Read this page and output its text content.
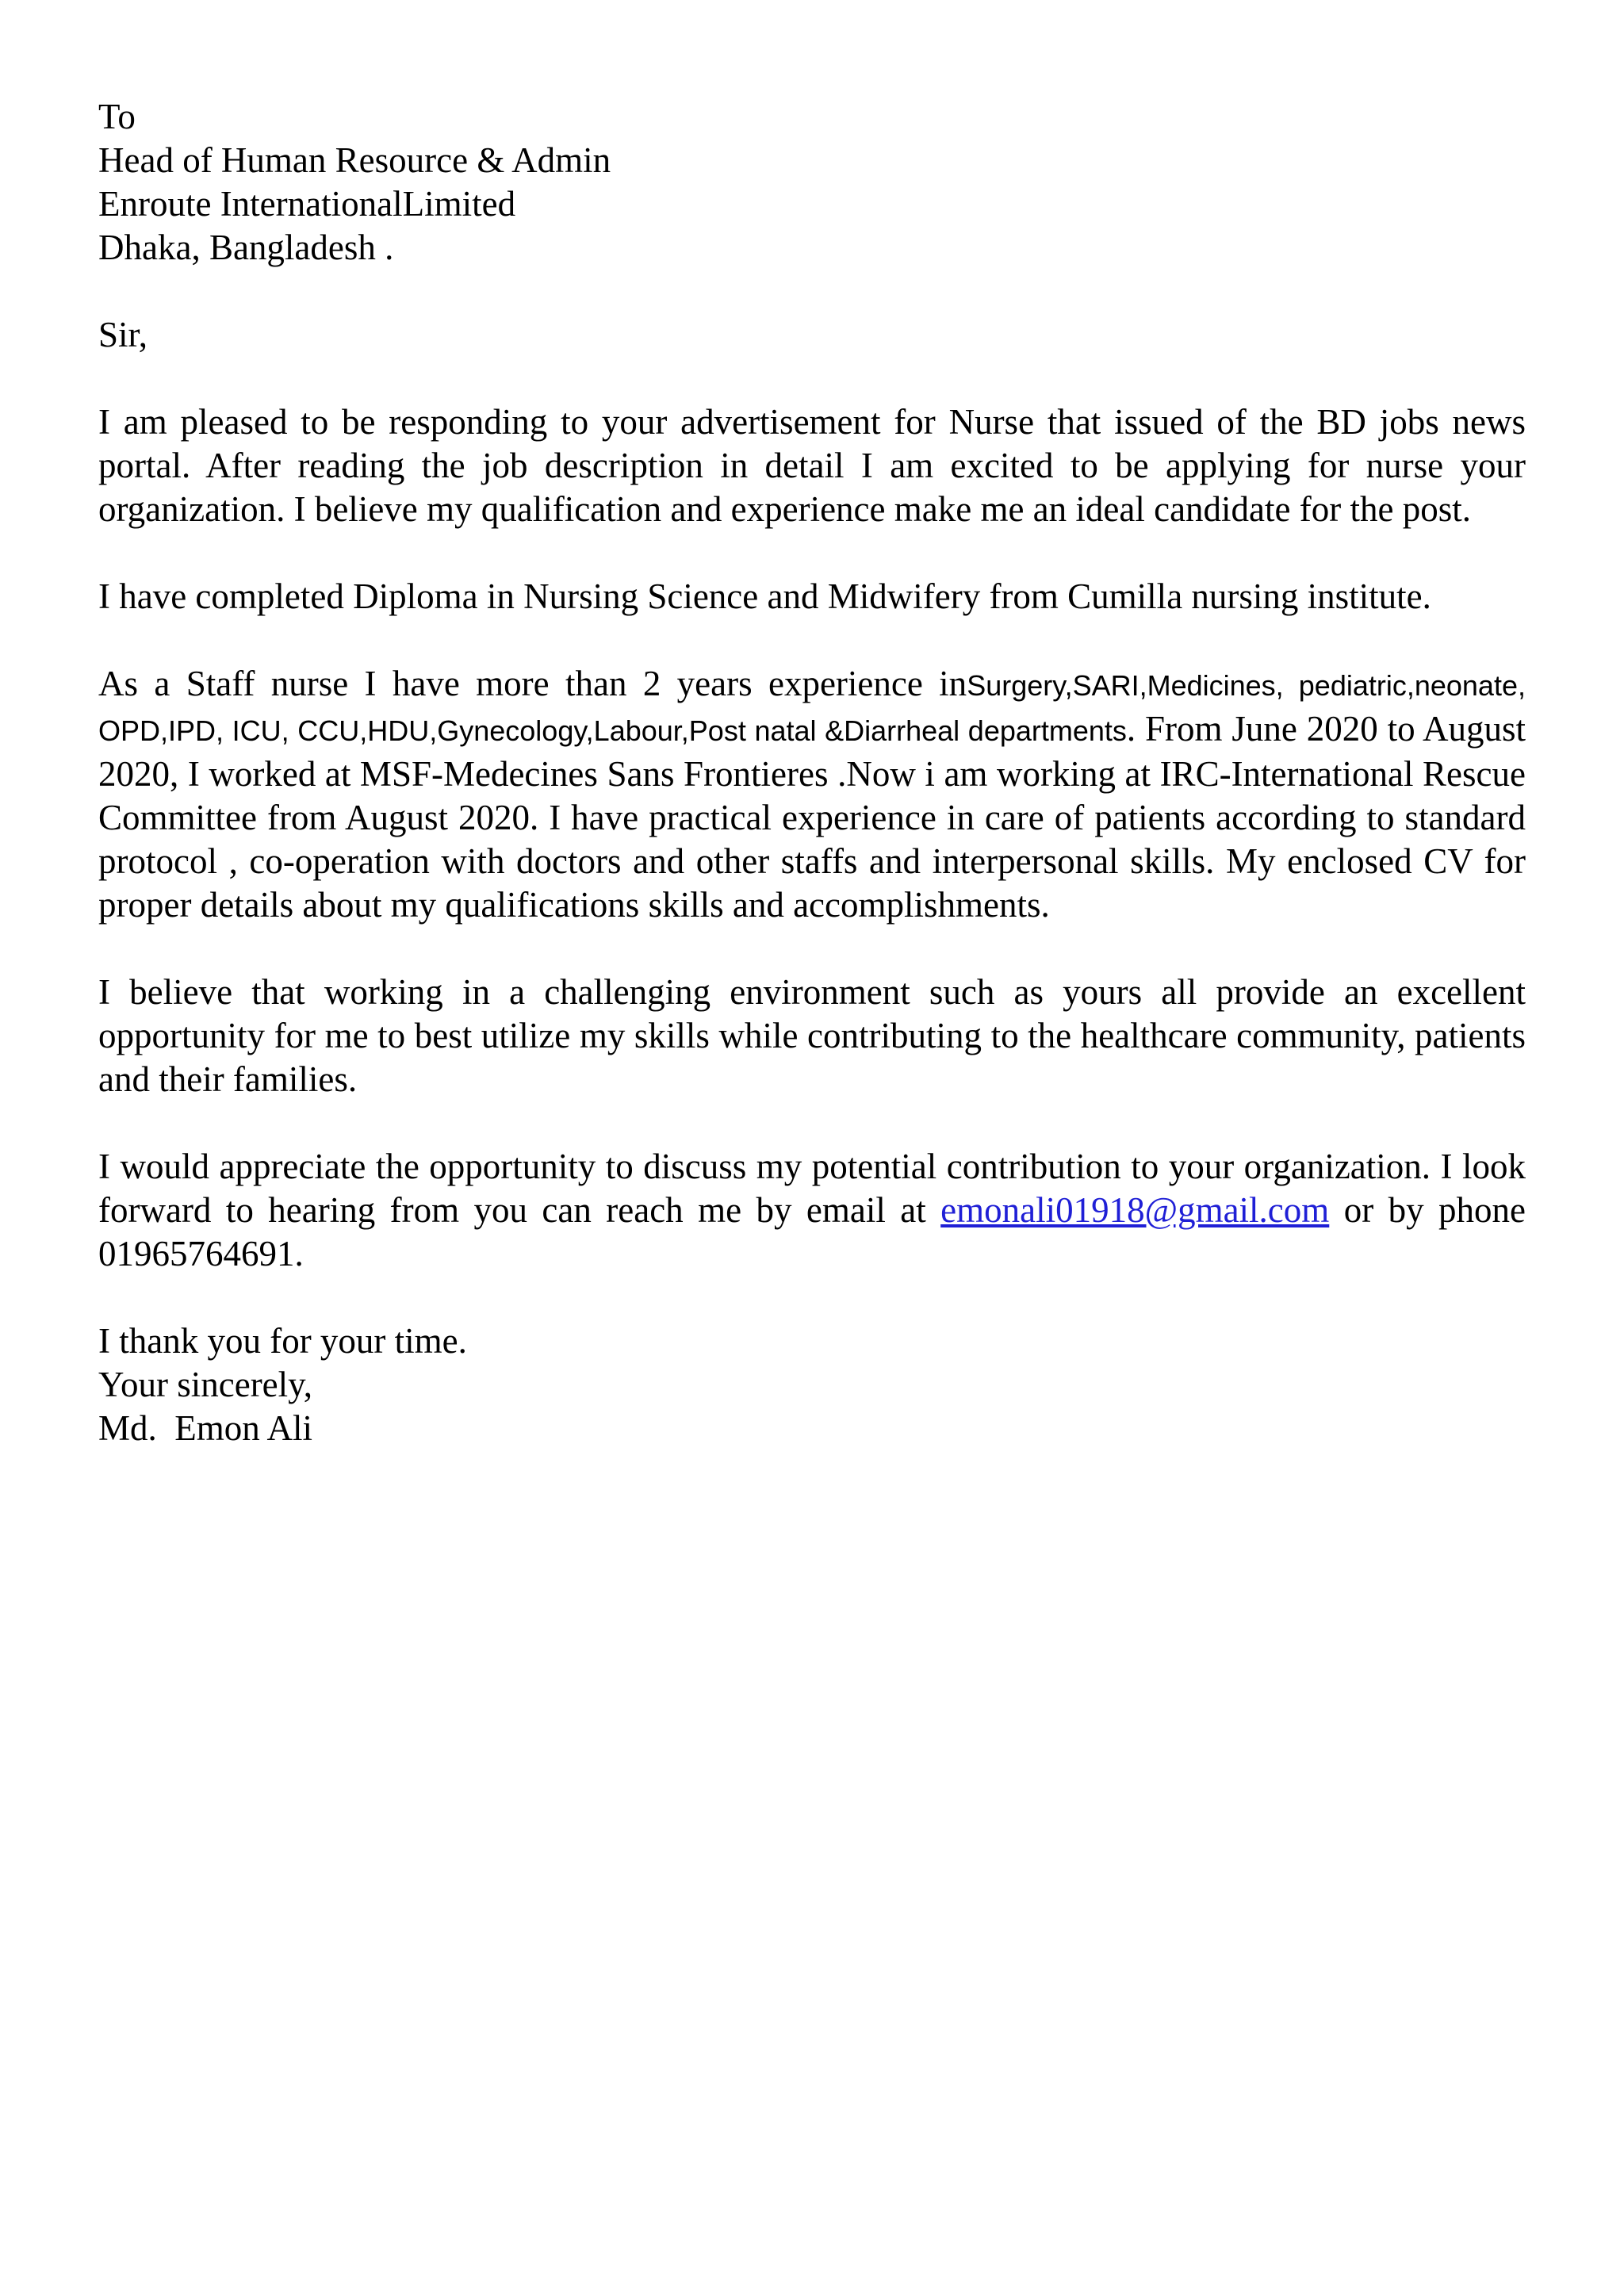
To
Head of Human Resource & Admin
Enroute InternationalLimited
Dhaka, Bangladesh .

Sir,

I am pleased to be responding to your advertisement for Nurse that issued of the BD jobs news portal. After reading the job description in detail I am excited to be applying for nurse your organization. I believe my qualification and experience make me an ideal candidate for the post.

I have completed Diploma in Nursing Science and Midwifery from Cumilla nursing institute.

As a Staff nurse I have more than 2 years experience inSurgery,SARI,Medicines, pediatric,neonate, OPD,IPD, ICU, CCU,HDU,Gynecology,Labour,Post natal &Diarrheal departments. From June 2020 to August 2020, I worked at MSF-Medecines Sans Frontieres .Now i am working at IRC-International Rescue Committee from August 2020. I have practical experience in care of patients according to standard protocol , co-operation with doctors and other staffs and interpersonal skills. My enclosed CV for proper details about my qualifications skills and accomplishments.

I believe that working in a challenging environment such as yours all provide an excellent opportunity for me to best utilize my skills while contributing to the healthcare community, patients and their families.

I would appreciate the opportunity to discuss my potential contribution to your organization. I look forward to hearing from you can reach me by email at emonali01918@gmail.com or by phone 01965764691.

I thank you for your time.
Your sincerely,
Md.  Emon Ali
